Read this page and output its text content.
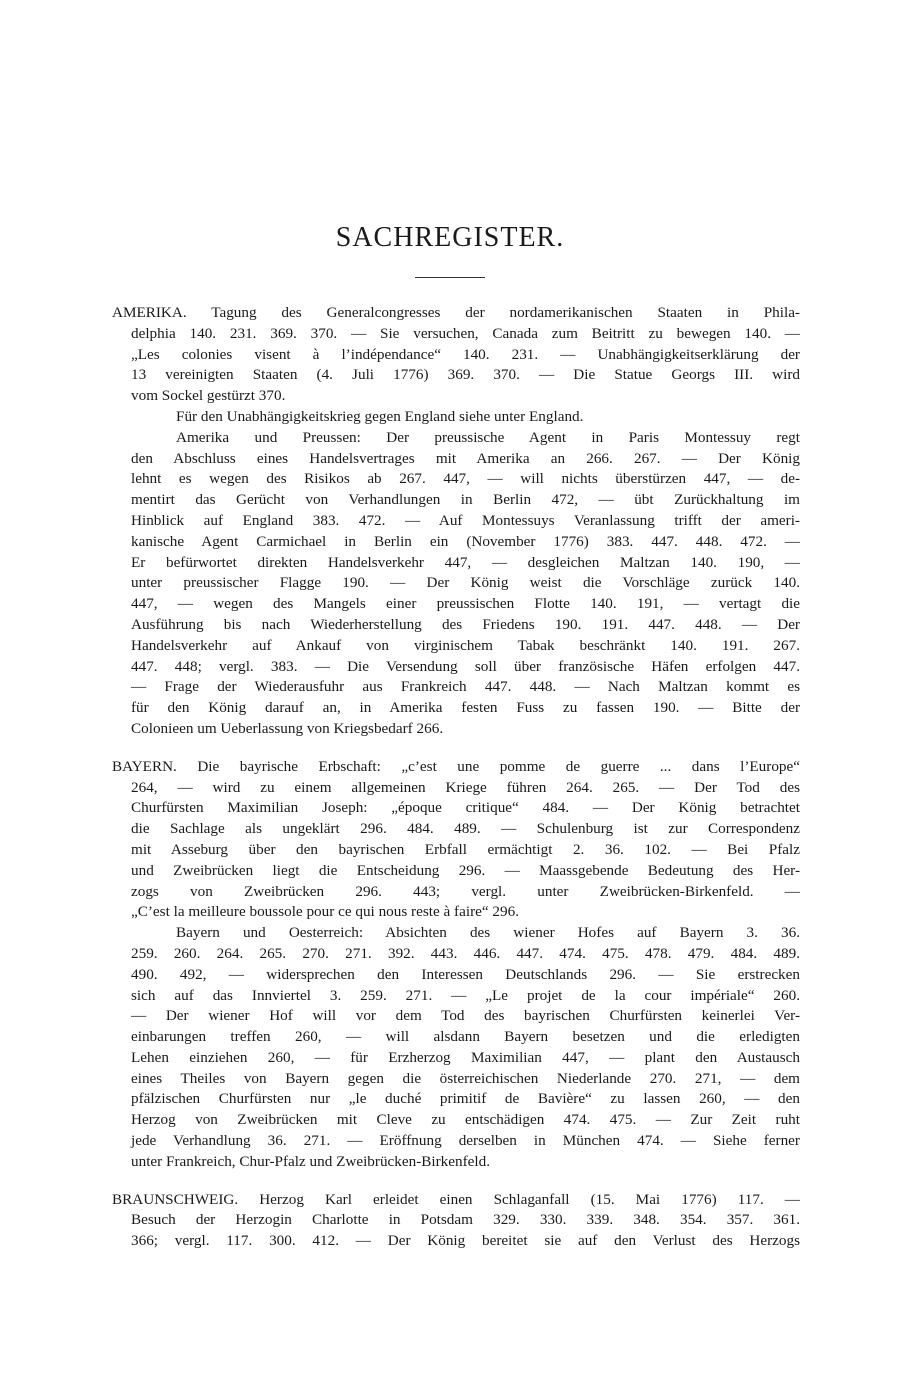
SACHREGISTER.
AMERIKA. Tagung des Generalcongresses der nordamerikanischen Staaten in Phila-
delphia 140. 231. 369. 370. — Sie versuchen, Canada zum Beitritt zu bewegen 140. —
„Les colonies visent à l’indépendance“ 140. 231. — Unabhängigkeitserklärung der
13 vereinigten Staaten (4. Juli 1776) 369. 370. — Die Statue Georgs III. wird
vom Sockel gestürzt 370.
Für den Unabhängigkeitskrieg gegen England siehe unter England.
Amerika und Preussen: Der preussische Agent in Paris Montessuy regt
den Abschluss eines Handelsvertrages mit Amerika an 266. 267. — Der König
lehnt es wegen des Risikos ab 267. 447, — will nichts überstürzen 447, — de-
mentirt das Gerücht von Verhandlungen in Berlin 472, — übt Zurückhaltung im
Hinblick auf England 383. 472. — Auf Montessuys Veranlassung trifft der ameri-
kanische Agent Carmichael in Berlin ein (November 1776) 383. 447. 448. 472. —
Er befürwortet direkten Handelsverkehr 447, — desgleichen Maltzan 140. 190, —
unter preussischer Flagge 190. — Der König weist die Vorschläge zurück 140.
447, — wegen des Mangels einer preussischen Flotte 140. 191, — vertagt die
Ausführung bis nach Wiederherstellung des Friedens 190. 191. 447. 448. — Der
Handelsverkehr auf Ankauf von virginischem Tabak beschränkt 140. 191. 267.
447. 448; vergl. 383. — Die Versendung soll über französische Häfen erfolgen 447.
— Frage der Wiederausfuhr aus Frankreich 447. 448. — Nach Maltzan kommt es
für den König darauf an, in Amerika festen Fuss zu fassen 190. — Bitte der
Colonieen um Ueberlassung von Kriegsbedarf 266.
BAYERN. Die bayrische Erbschaft: „c’est une pomme de guerre ... dans l’Europe“
264, — wird zu einem allgemeinen Kriege führen 264. 265. — Der Tod des
Churfürsten Maximilian Joseph: „époque critique“ 484. — Der König betrachtet
die Sachlage als ungeklärt 296. 484. 489. — Schulenburg ist zur Correspondenz
mit Asseburg über den bayrischen Erbfall ermächtigt 2. 36. 102. — Bei Pfalz
und Zweibrücken liegt die Entscheidung 296. — Maassgebende Bedeutung des Her-
zogs von Zweibrücken 296. 443; vergl. unter Zweibrücken-Birkenfeld. —
„C’est la meilleure boussole pour ce qui nous reste à faire“ 296.
Bayern und Oesterreich: Absichten des wiener Hofes auf Bayern 3. 36.
259. 260. 264. 265. 270. 271. 392. 443. 446. 447. 474. 475. 478. 479. 484. 489.
490. 492, — widersprechen den Interessen Deutschlands 296. — Sie erstrecken
sich auf das Innviertel 3. 259. 271. — „Le projet de la cour impériale“ 260.
— Der wiener Hof will vor dem Tod des bayrischen Churfürsten keinerlei Ver-
einbarungen treffen 260, — will alsdann Bayern besetzen und die erledigten
Lehen einziehen 260, — für Erzherzog Maximilian 447, — plant den Austausch
eines Theiles von Bayern gegen die österreichischen Niederlande 270. 271, — dem
pfälzischen Churfürsten nur „le duché primitif de Bavière“ zu lassen 260, — den
Herzog von Zweibrücken mit Cleve zu entschädigen 474. 475. — Zur Zeit ruht
jede Verhandlung 36. 271. — Eröffnung derselben in München 474. — Siehe ferner
unter Frankreich, Chur-Pfalz und Zweibrücken-Birkenfeld.
BRAUNSCHWEIG. Herzog Karl erleidet einen Schlaganfall (15. Mai 1776) 117. —
Besuch der Herzogin Charlotte in Potsdam 329. 330. 339. 348. 354. 357. 361.
366; vergl. 117. 300. 412. — Der König bereitet sie auf den Verlust des Herzogs
